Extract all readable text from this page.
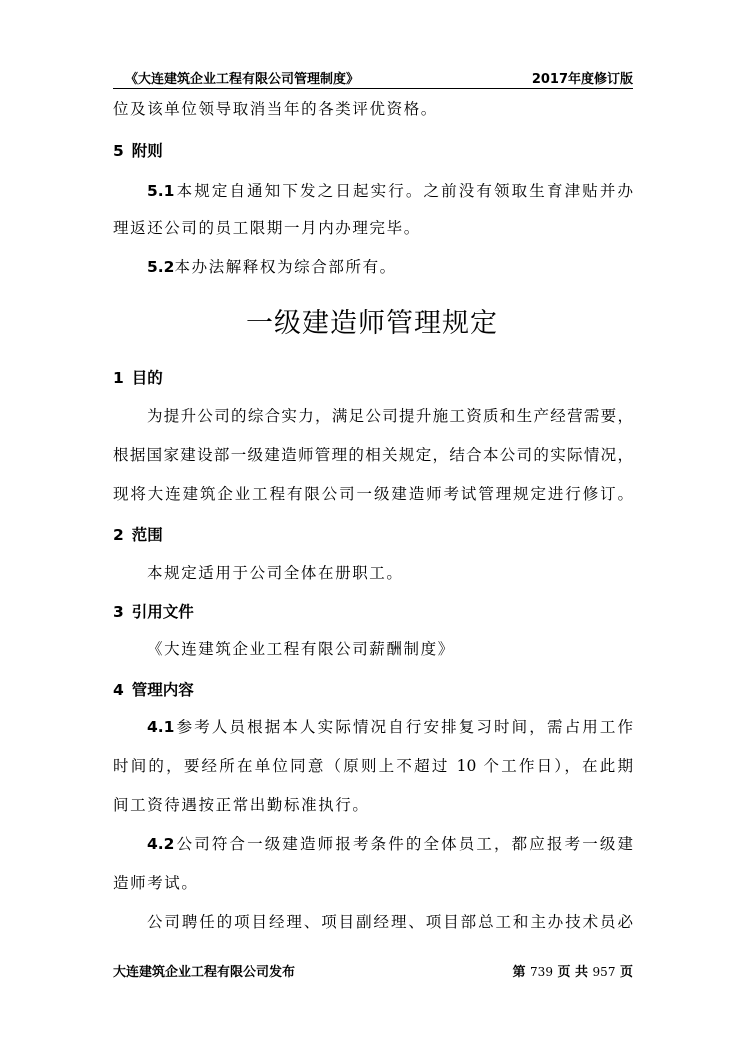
《大连建筑企业工程有限公司管理制度》	2017年度修订版
位及该单位领导取消当年的各类评优资格。
5 附则
5.1本规定自通知下发之日起实行。之前没有领取生育津贴并办
理返还公司的员工限期一月内办理完毕。
5.2本办法解释权为综合部所有。
一级建造师管理规定
1 目的
为提升公司的综合实力，满足公司提升施工资质和生产经营需要，
根据国家建设部一级建造师管理的相关规定，结合本公司的实际情况，
现将大连建筑企业工程有限公司一级建造师考试管理规定进行修订。
2 范围
本规定适用于公司全体在册职工。
3 引用文件
《大连建筑企业工程有限公司薪酬制度》
4 管理内容
4.1参考人员根据本人实际情况自行安排复习时间，需占用工作
时间的，要经所在单位同意（原则上不超过 10 个工作日），在此期
间工资待遇按正常出勤标准执行。
4.2公司符合一级建造师报考条件的全体员工，都应报考一级建
造师考试。
公司聘任的项目经理、项目副经理、项目部总工和主办技术员必
大连建筑企业工程有限公司发布	第 739 页 共 957 页
